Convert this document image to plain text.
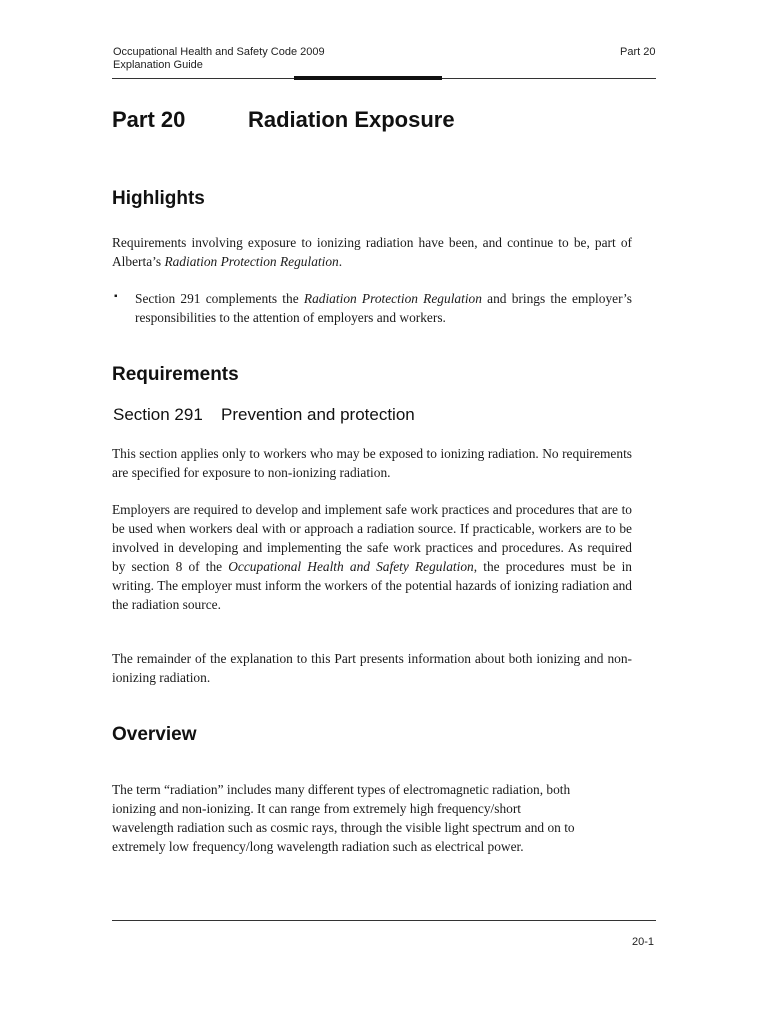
Occupational Health and Safety Code 2009
Explanation Guide
Part 20
Part 20	Radiation Exposure
Highlights
Requirements involving exposure to ionizing radiation have been, and continue to be, part of Alberta’s Radiation Protection Regulation.
▪ Section 291 complements the Radiation Protection Regulation and brings the employer’s responsibilities to the attention of employers and workers.
Requirements
Section 291 Prevention and protection
This section applies only to workers who may be exposed to ionizing radiation. No requirements are specified for exposure to non-ionizing radiation.
Employers are required to develop and implement safe work practices and procedures that are to be used when workers deal with or approach a radiation source. If practicable, workers are to be involved in developing and implementing the safe work practices and procedures. As required by section 8 of the Occupational Health and Safety Regulation, the procedures must be in writing. The employer must inform the workers of the potential hazards of ionizing radiation and the radiation source.
The remainder of the explanation to this Part presents information about both ionizing and non-ionizing radiation.
Overview
The term “radiation” includes many different types of electromagnetic radiation, both
ionizing and non-ionizing. It can range from extremely high frequency/short
wavelength radiation such as cosmic rays, through the visible light spectrum and on to
extremely low frequency/long wavelength radiation such as electrical power.
20-1
